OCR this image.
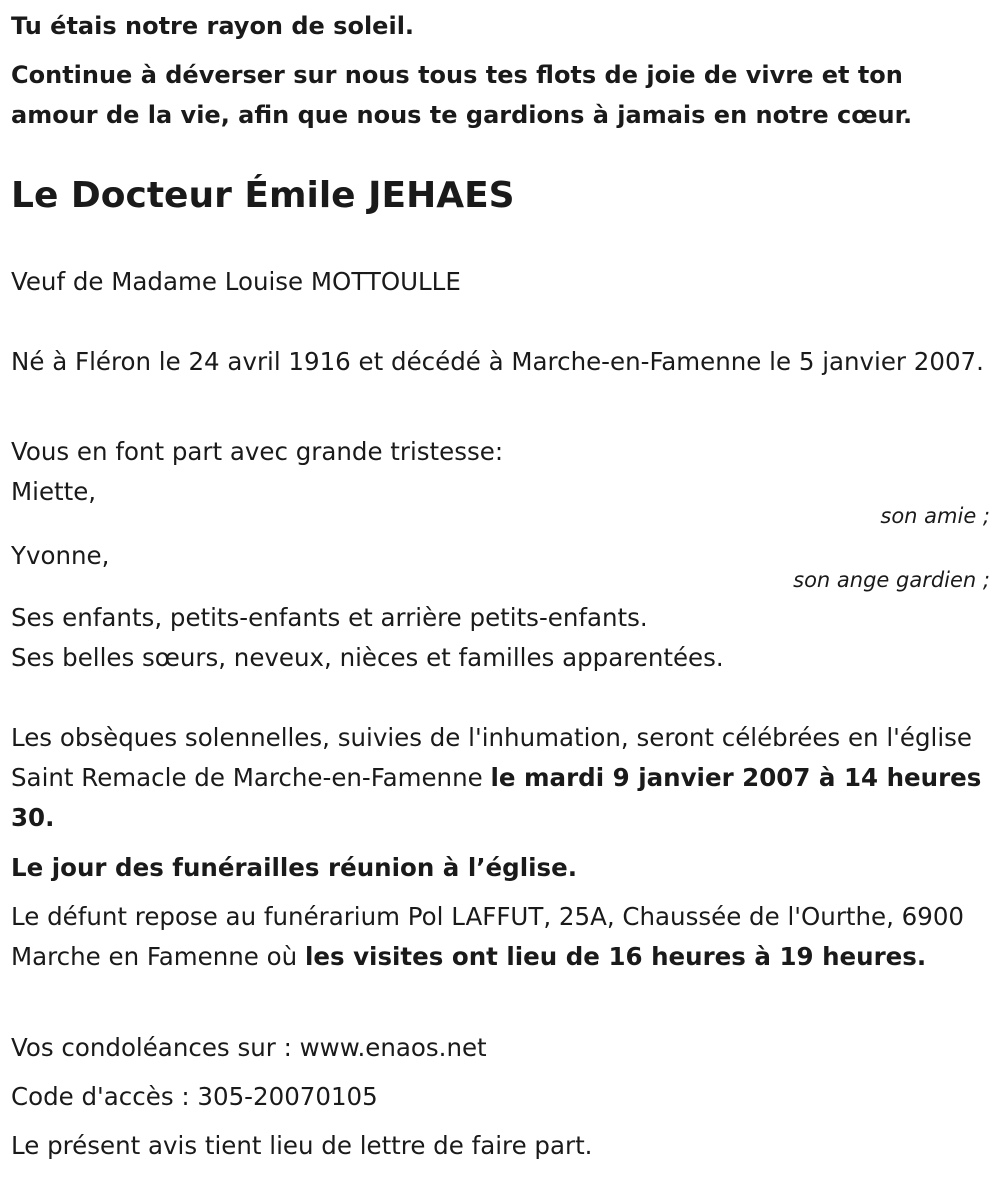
Tu étais notre rayon de soleil.
Continue à déverser sur nous tous tes flots de joie de vivre et ton amour de la vie, afin que nous te gardions à jamais en notre cœur.
Le Docteur Émile JEHAES
Veuf de Madame Louise MOTTOULLE
Né à Fléron le 24 avril 1916 et décédé à Marche-en-Famenne le 5 janvier 2007.
Vous en font part avec grande tristesse:
Miette,
son amie ;
Yvonne,
son ange gardien ;
Ses enfants, petits-enfants et arrière petits-enfants.
Ses belles sœurs, neveux, nièces et familles apparentées.
Les obsèques solennelles, suivies de l'inhumation, seront célébrées en l'église Saint Remacle de Marche-en-Famenne le mardi 9 janvier 2007 à 14 heures 30.
Le jour des funérailles réunion à l’église.
Le défunt repose au funérarium Pol LAFFUT, 25A, Chaussée de l'Ourthe, 6900 Marche en Famenne où les visites ont lieu de 16 heures à 19 heures.
Vos condoléances sur : www.enaos.net
Code d'accès : 305-20070105
Le présent avis tient lieu de lettre de faire part.
